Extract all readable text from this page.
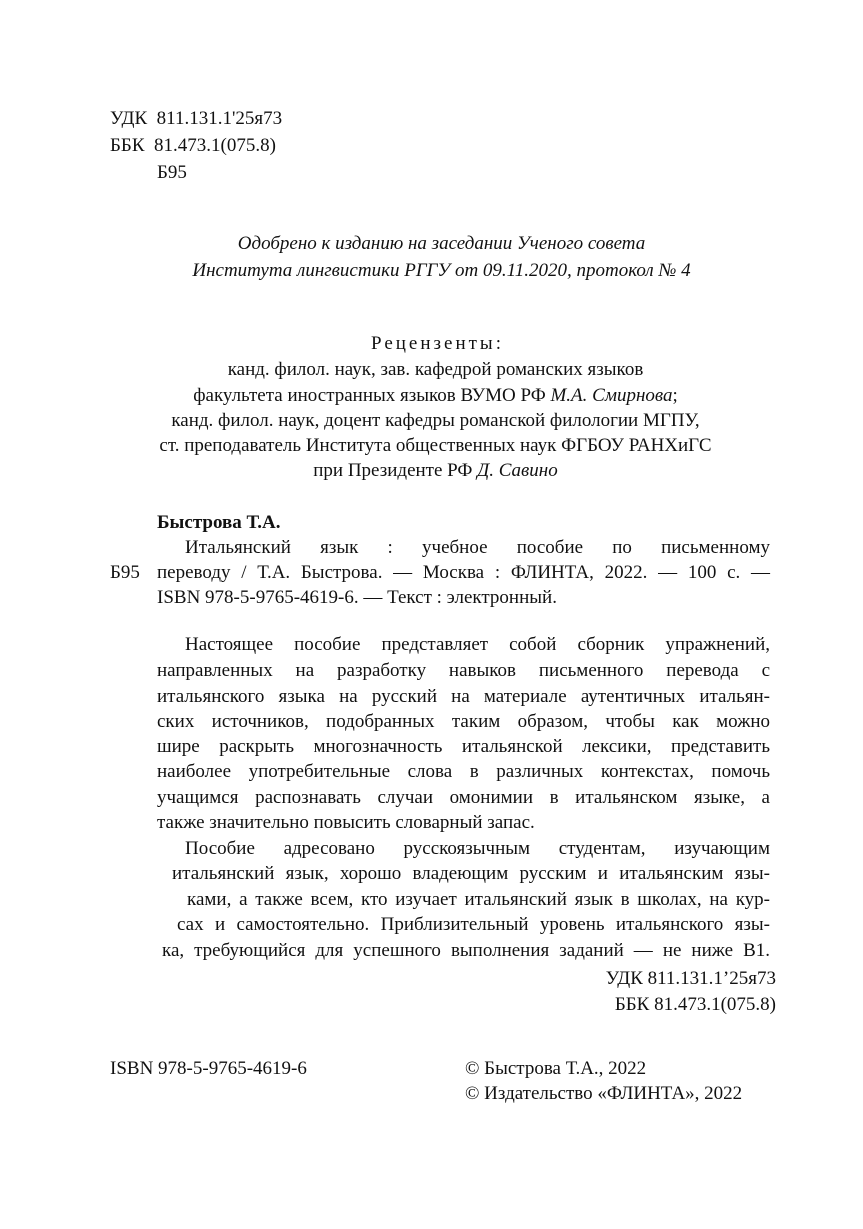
УДК  811.131.1'25я73
ББК  81.473.1(075.8)
Б95
Одобрено к изданию на заседании Ученого совета
Института лингвистики РГГУ от 09.11.2020, протокол № 4
Рецензенты:
канд. филол. наук, зав. кафедрой романских языков
факультета иностранных языков ВУМО РФ М.А. Смирнова;
канд. филол. наук, доцент кафедры романской филологии МГПУ,
ст. преподаватель Института общественных наук ФГБОУ РАНХиГС
при Президенте РФ Д. Савино
Быстрова Т.А.
Итальянский язык : учебное пособие по письменному
Б95 переводу / Т.А. Быстрова. — Москва : ФЛИНТА, 2022. — 100 с. —
ISBN 978-5-9765-4619-6. — Текст : электронный.
Настоящее пособие представляет собой сборник упражнений,
направленных на разработку навыков письменного перевода с
итальянского языка на русский на материале аутентичных итальян-
ских источников, подобранных таким образом, чтобы как можно
шире раскрыть многозначность итальянской лексики, представить
наиболее употребительные слова в различных контекстах, помочь
учащимся распознавать случаи омонимии в итальянском языке, а
также значительно повысить словарный запас.
Пособие адресовано русскоязычным студентам, изучающим
итальянский язык, хорошо владеющим русским и итальянским язы-
ками, а также всем, кто изучает итальянский язык в школах, на кур-
сах и самостоятельно. Приблизительный уровень итальянского язы-
ка, требующийся для успешного выполнения заданий — не ниже В1.
УДК 811.131.1’25я73
ББК 81.473.1(075.8)
ISBN 978-5-9765-4619-6	© Быстрова Т.А., 2022
© Издательство «ФЛИНТА», 2022
